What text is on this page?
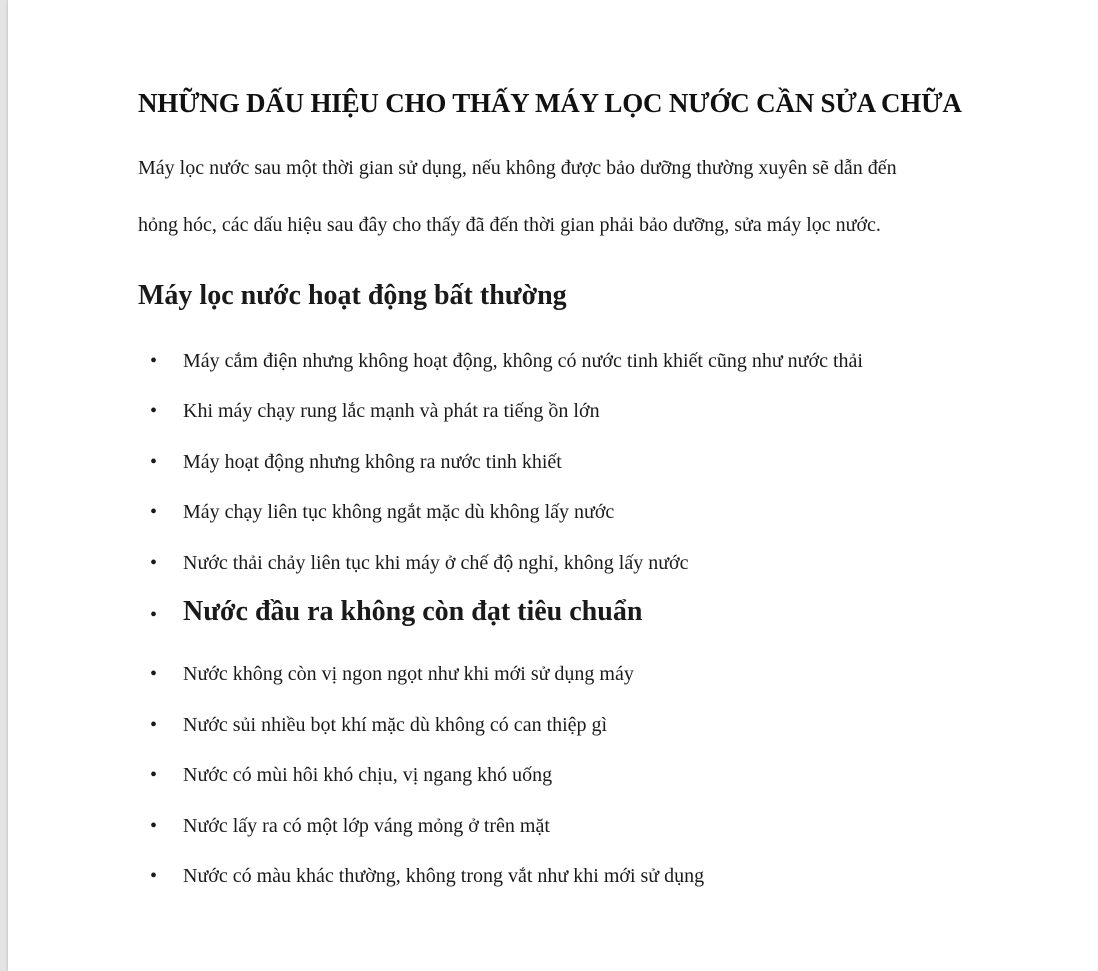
NHỮNG DẤU HIỆU CHO THẤY MÁY LỌC NƯỚC CẦN SỬA CHỮA

Máy lọc nước sau một thời gian sử dụng, nếu không được bảo dưỡng thường xuyên sẽ dẫn đến
hỏng hóc, các dấu hiệu sau đây cho thấy đã đến thời gian phải bảo dưỡng, sửa máy lọc nước.

Máy lọc nước hoạt động bất thường
• Máy cắm điện nhưng không hoạt động, không có nước tinh khiết cũng như nước thải
• Khi máy chạy rung lắc mạnh và phát ra tiếng ồn lớn
• Máy hoạt động nhưng không ra nước tinh khiết
• Máy chạy liên tục không ngắt mặc dù không lấy nước
• Nước thải chảy liên tục khi máy ở chế độ nghỉ, không lấy nước
• Nước đầu ra không còn đạt tiêu chuẩn
• Nước không còn vị ngon ngọt như khi mới sử dụng máy
• Nước sủi nhiều bọt khí mặc dù không có can thiệp gì
• Nước có mùi hôi khó chịu, vị ngang khó uống
• Nước lấy ra có một lớp váng mỏng ở trên mặt
• Nước có màu khác thường, không trong vắt như khi mới sử dụng
